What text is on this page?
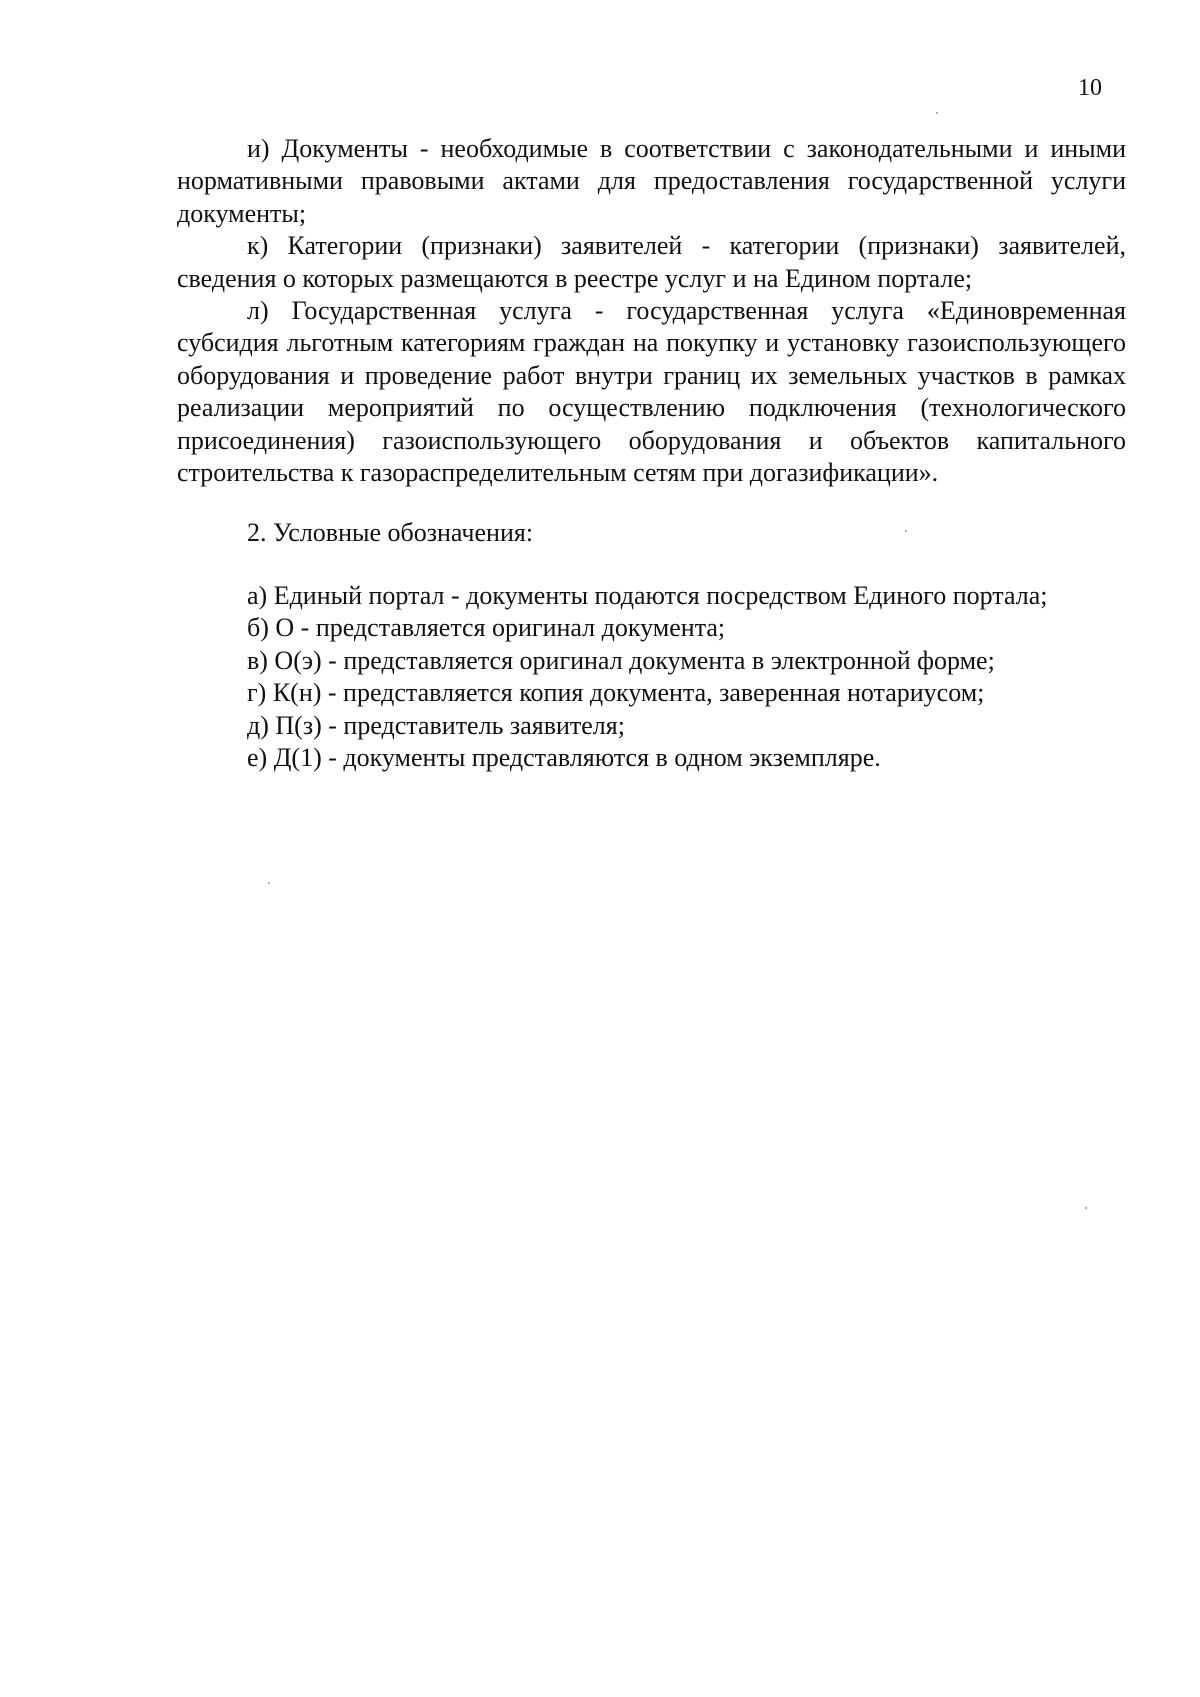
10

и) Документы - необходимые в соответствии с законодательными и иными нормативными правовыми актами для предоставления государственной услуги документы;

к) Категории (признаки) заявителей - категории (признаки) заявителей, сведения о которых размещаются в реестре услуг и на Едином портале;

л) Государственная услуга - государственная услуга «Единовременная субсидия льготным категориям граждан на покупку и установку газоиспользующего оборудования и проведение работ внутри границ их земельных участков в рамках реализации мероприятий по осуществлению подключения (технологического присоединения) газоиспользующего оборудования и объектов капитального строительства к газораспределительным сетям при догазификации».

2. Условные обозначения:

а) Единый портал - документы подаются посредством Единого портала;
б) О - представляется оригинал документа;
в) О(э) - представляется оригинал документа в электронной форме;
г) К(н) - представляется копия документа, заверенная нотариусом;
д) П(з) - представитель заявителя;
е) Д(1) - документы представляются в одном экземпляре.
